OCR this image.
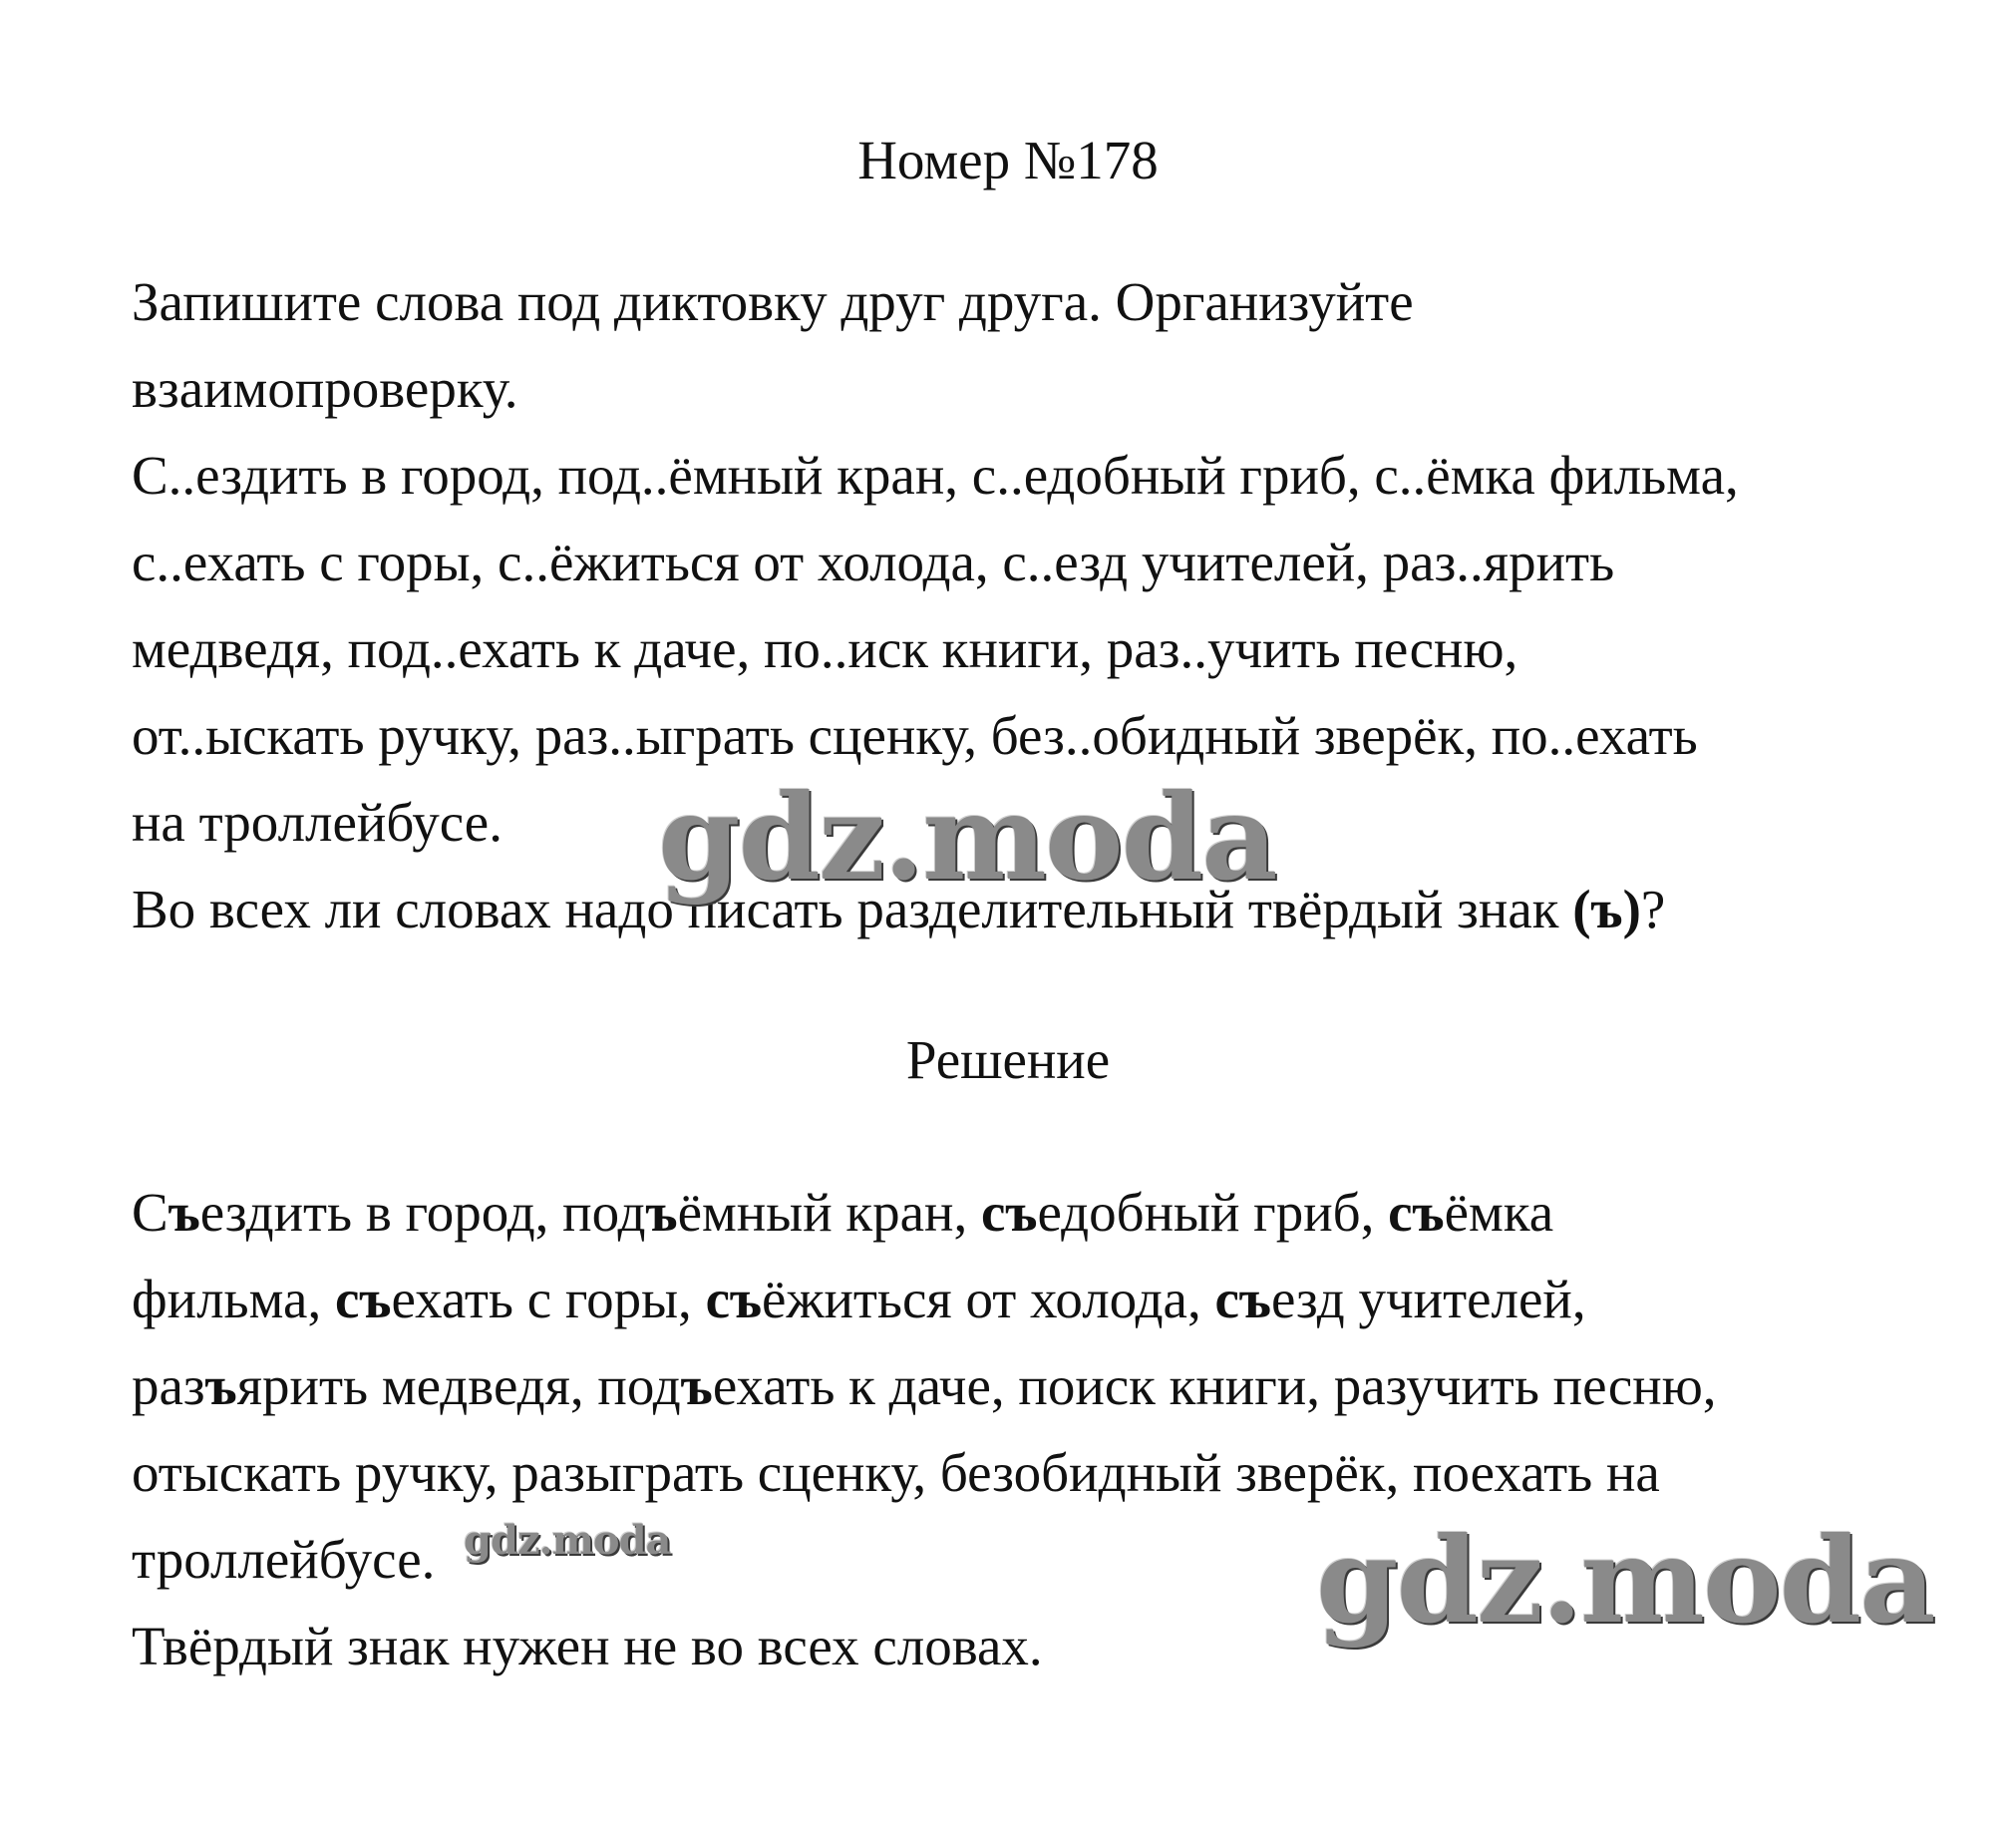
Номер №178
Запишите слова под диктовку друг друга. Организуйте
взаимопроверку.
С..ездить в город, под..ёмный кран, с..едобный гриб, с..ёмка фильма,
с..ехать с горы, с..ёжиться от холода, с..езд учителей, раз..ярить
медведя, под..ехать к даче, по..иск книги, раз..учить песню,
от..ыскать ручку, раз..ыграть сценку, без..обидный зверёк, по..ехать
на троллейбусе.
Во всех ли словах надо писать разделительный твёрдый знак (ъ)?
Решение
Съездить в город, подъёмный кран, съедобный гриб, съёмка
фильма, съехать с горы, съёжиться от холода, съезд учителей,
разъярить медведя, подъехать к даче, поиск книги, разучить песню,
отыскать ручку, разыграть сценку, безобидный зверёк, поехать на
троллейбусе.
Твёрдый знак нужен не во всех словах.
gdz.moda
gdz.moda	gdz.moda
